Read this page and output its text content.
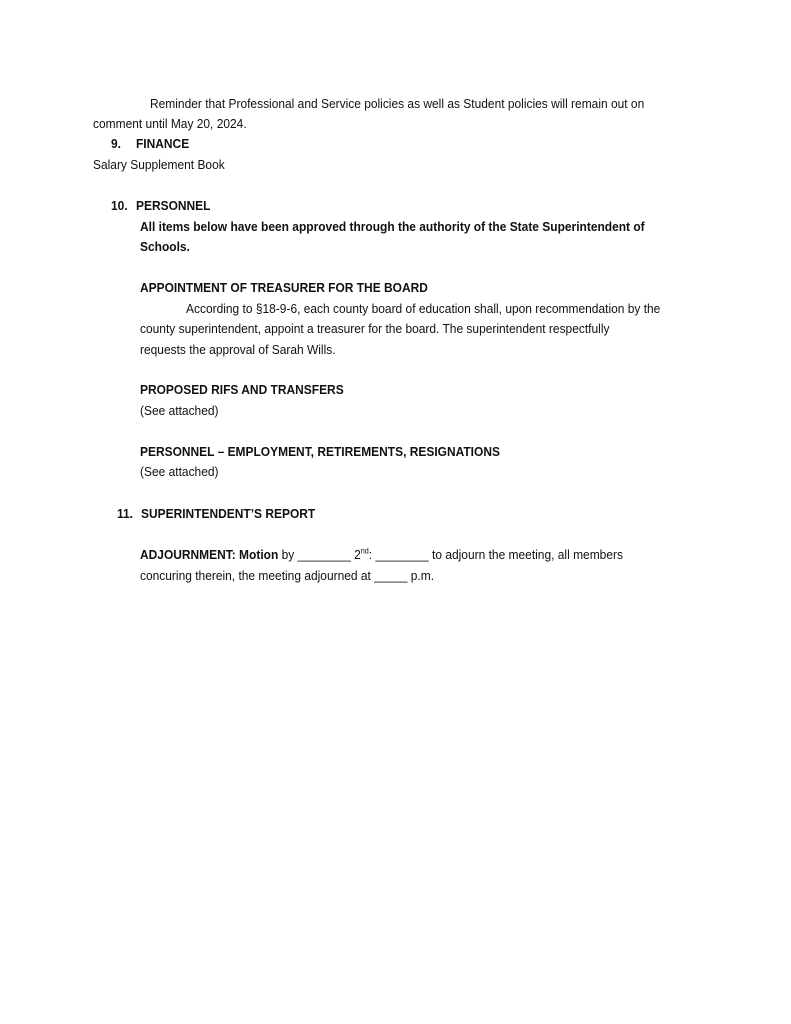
Reminder that Professional and Service policies as well as Student policies will remain out on
comment until May 20, 2024.
9. FINANCE
Salary Supplement Book
10. PERSONNEL
All items below have been approved through the authority of the State Superintendent of
Schools.
APPOINTMENT OF TREASURER FOR THE BOARD
According to §18-9-6, each county board of education shall, upon recommendation by the
county superintendent, appoint a treasurer for the board. The superintendent respectfully
requests the approval of Sarah Wills.
PROPOSED RIFS AND TRANSFERS
(See attached)
PERSONNEL – EMPLOYMENT, RETIREMENTS, RESIGNATIONS
(See attached)
11. SUPERINTENDENT’S REPORT
ADJOURNMENT: Motion by ________ 2nd: ________ to adjourn the meeting, all members
concuring therein, the meeting adjourned at _____ p.m.
